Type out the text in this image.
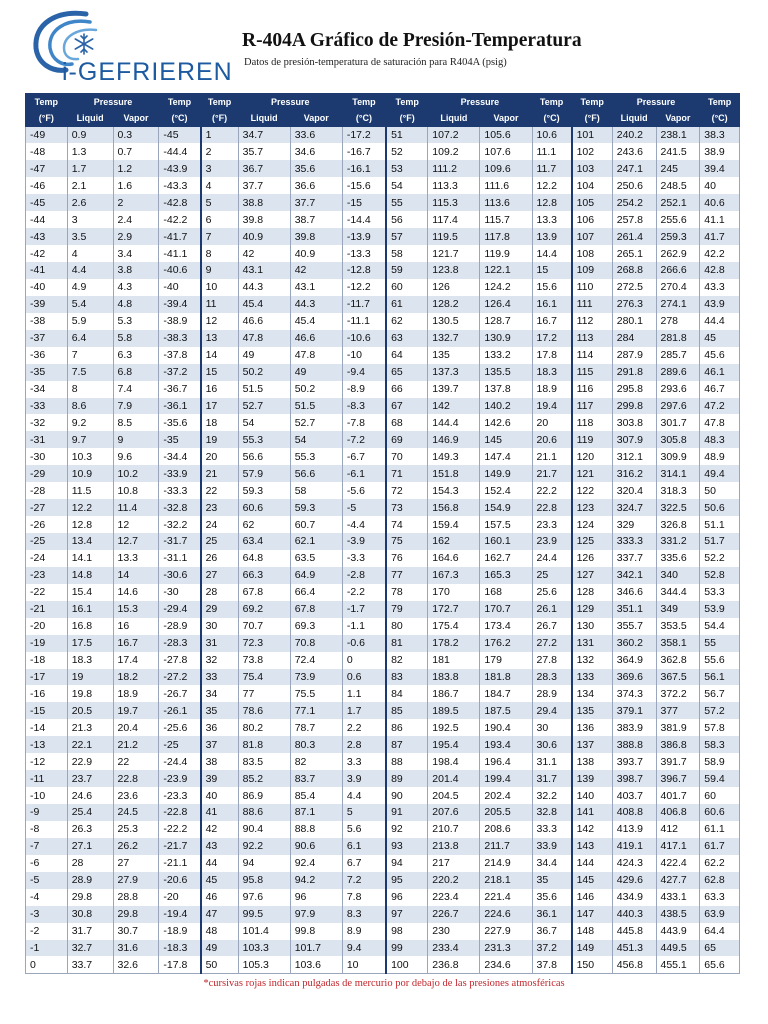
i-GEFRIEREN
R-404A Gráfico de Presión-Temperatura
Datos de presión-temperatura de saturación para R404A (psig)
Temp	Pressure		Temp	Temp	Pressure		Temp	Temp	Pressure		Temp	Temp	Pressure		Temp
(°F)	Liquid	Vapor	(°C)	(°F)	Liquid	Vapor	(°C)	(°F)	Liquid	Vapor	(°C)	(°F)	Liquid	Vapor	(°C)
-49	0.9	0.3	-45	1	34.7	33.6	-17.2	51	107.2	105.6	10.6	101	240.2	238.1	38.3
-48	1.3	0.7	-44.4	2	35.7	34.6	-16.7	52	109.2	107.6	11.1	102	243.6	241.5	38.9
-47	1.7	1.2	-43.9	3	36.7	35.6	-16.1	53	111.2	109.6	11.7	103	247.1	245	39.4
-46	2.1	1.6	-43.3	4	37.7	36.6	-15.6	54	113.3	111.6	12.2	104	250.6	248.5	40
-45	2.6	2	-42.8	5	38.8	37.7	-15	55	115.3	113.6	12.8	105	254.2	252.1	40.6
-44	3	2.4	-42.2	6	39.8	38.7	-14.4	56	117.4	115.7	13.3	106	257.8	255.6	41.1
-43	3.5	2.9	-41.7	7	40.9	39.8	-13.9	57	119.5	117.8	13.9	107	261.4	259.3	41.7
-42	4	3.4	-41.1	8	42	40.9	-13.3	58	121.7	119.9	14.4	108	265.1	262.9	42.2
-41	4.4	3.8	-40.6	9	43.1	42	-12.8	59	123.8	122.1	15	109	268.8	266.6	42.8
-40	4.9	4.3	-40	10	44.3	43.1	-12.2	60	126	124.2	15.6	110	272.5	270.4	43.3
-39	5.4	4.8	-39.4	11	45.4	44.3	-11.7	61	128.2	126.4	16.1	111	276.3	274.1	43.9
-38	5.9	5.3	-38.9	12	46.6	45.4	-11.1	62	130.5	128.7	16.7	112	280.1	278	44.4
-37	6.4	5.8	-38.3	13	47.8	46.6	-10.6	63	132.7	130.9	17.2	113	284	281.8	45
-36	7	6.3	-37.8	14	49	47.8	-10	64	135	133.2	17.8	114	287.9	285.7	45.6
-35	7.5	6.8	-37.2	15	50.2	49	-9.4	65	137.3	135.5	18.3	115	291.8	289.6	46.1
-34	8	7.4	-36.7	16	51.5	50.2	-8.9	66	139.7	137.8	18.9	116	295.8	293.6	46.7
-33	8.6	7.9	-36.1	17	52.7	51.5	-8.3	67	142	140.2	19.4	117	299.8	297.6	47.2
-32	9.2	8.5	-35.6	18	54	52.7	-7.8	68	144.4	142.6	20	118	303.8	301.7	47.8
-31	9.7	9	-35	19	55.3	54	-7.2	69	146.9	145	20.6	119	307.9	305.8	48.3
-30	10.3	9.6	-34.4	20	56.6	55.3	-6.7	70	149.3	147.4	21.1	120	312.1	309.9	48.9
-29	10.9	10.2	-33.9	21	57.9	56.6	-6.1	71	151.8	149.9	21.7	121	316.2	314.1	49.4
-28	11.5	10.8	-33.3	22	59.3	58	-5.6	72	154.3	152.4	22.2	122	320.4	318.3	50
-27	12.2	11.4	-32.8	23	60.6	59.3	-5	73	156.8	154.9	22.8	123	324.7	322.5	50.6
-26	12.8	12	-32.2	24	62	60.7	-4.4	74	159.4	157.5	23.3	124	329	326.8	51.1
-25	13.4	12.7	-31.7	25	63.4	62.1	-3.9	75	162	160.1	23.9	125	333.3	331.2	51.7
-24	14.1	13.3	-31.1	26	64.8	63.5	-3.3	76	164.6	162.7	24.4	126	337.7	335.6	52.2
-23	14.8	14	-30.6	27	66.3	64.9	-2.8	77	167.3	165.3	25	127	342.1	340	52.8
-22	15.4	14.6	-30	28	67.8	66.4	-2.2	78	170	168	25.6	128	346.6	344.4	53.3
-21	16.1	15.3	-29.4	29	69.2	67.8	-1.7	79	172.7	170.7	26.1	129	351.1	349	53.9
-20	16.8	16	-28.9	30	70.7	69.3	-1.1	80	175.4	173.4	26.7	130	355.7	353.5	54.4
-19	17.5	16.7	-28.3	31	72.3	70.8	-0.6	81	178.2	176.2	27.2	131	360.2	358.1	55
-18	18.3	17.4	-27.8	32	73.8	72.4	0	82	181	179	27.8	132	364.9	362.8	55.6
-17	19	18.2	-27.2	33	75.4	73.9	0.6	83	183.8	181.8	28.3	133	369.6	367.5	56.1
-16	19.8	18.9	-26.7	34	77	75.5	1.1	84	186.7	184.7	28.9	134	374.3	372.2	56.7
-15	20.5	19.7	-26.1	35	78.6	77.1	1.7	85	189.5	187.5	29.4	135	379.1	377	57.2
-14	21.3	20.4	-25.6	36	80.2	78.7	2.2	86	192.5	190.4	30	136	383.9	381.9	57.8
-13	22.1	21.2	-25	37	81.8	80.3	2.8	87	195.4	193.4	30.6	137	388.8	386.8	58.3
-12	22.9	22	-24.4	38	83.5	82	3.3	88	198.4	196.4	31.1	138	393.7	391.7	58.9
-11	23.7	22.8	-23.9	39	85.2	83.7	3.9	89	201.4	199.4	31.7	139	398.7	396.7	59.4
-10	24.6	23.6	-23.3	40	86.9	85.4	4.4	90	204.5	202.4	32.2	140	403.7	401.7	60
-9	25.4	24.5	-22.8	41	88.6	87.1	5	91	207.6	205.5	32.8	141	408.8	406.8	60.6
-8	26.3	25.3	-22.2	42	90.4	88.8	5.6	92	210.7	208.6	33.3	142	413.9	412	61.1
-7	27.1	26.2	-21.7	43	92.2	90.6	6.1	93	213.8	211.7	33.9	143	419.1	417.1	61.7
-6	28	27	-21.1	44	94	92.4	6.7	94	217	214.9	34.4	144	424.3	422.4	62.2
-5	28.9	27.9	-20.6	45	95.8	94.2	7.2	95	220.2	218.1	35	145	429.6	427.7	62.8
-4	29.8	28.8	-20	46	97.6	96	7.8	96	223.4	221.4	35.6	146	434.9	433.1	63.3
-3	30.8	29.8	-19.4	47	99.5	97.9	8.3	97	226.7	224.6	36.1	147	440.3	438.5	63.9
-2	31.7	30.7	-18.9	48	101.4	99.8	8.9	98	230	227.9	36.7	148	445.8	443.9	64.4
-1	32.7	31.6	-18.3	49	103.3	101.7	9.4	99	233.4	231.3	37.2	149	451.3	449.5	65
0	33.7	32.6	-17.8	50	105.3	103.6	10	100	236.8	234.6	37.8	150	456.8	455.1	65.6
*cursivas rojas indican pulgadas de mercurio por debajo de las presiones atmosféricas
